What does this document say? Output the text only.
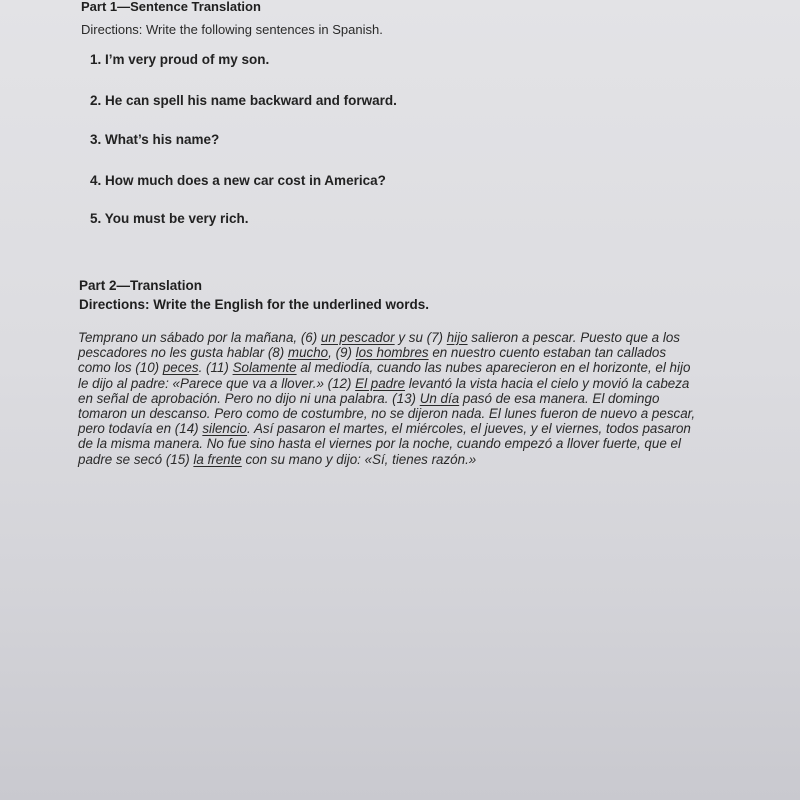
Part 1—Sentence Translation

Directions: Write the following sentences in Spanish.

1. I’m very proud of my son.
2. He can spell his name backward and forward.
3. What’s his name?
4. How much does a new car cost in America?
5. You must be very rich.
Part 2—Translation

Directions: Write the English for the underlined words.

Temprano un sábado por la mañana, (6) un pescador y su (7) hijo salieron a pescar. Puesto que a los
pescadores no les gusta hablar (8) mucho, (9) los hombres en nuestro cuento estaban tan callados
como los (10) peces. (11) Solamente al mediodía, cuando las nubes aparecieron en el horizonte, el hijo
le dijo al padre: «Parece que va a llover.» (12) El padre levantó la vista hacia el cielo y movió la cabeza
en señal de aprobación. Pero no dijo ni una palabra. (13) Un día pasó de esa manera. El domingo
tomaron un descanso. Pero como de costumbre, no se dijeron nada. El lunes fueron de nuevo a pescar,
pero todavía en (14) silencio. Así pasaron el martes, el miércoles, el jueves, y el viernes, todos pasaron
de la misma manera. No fue sino hasta el viernes por la noche, cuando empezó a llover fuerte, que el
padre se secó (15) la frente con su mano y dijo: «Sí, tienes razón.»
